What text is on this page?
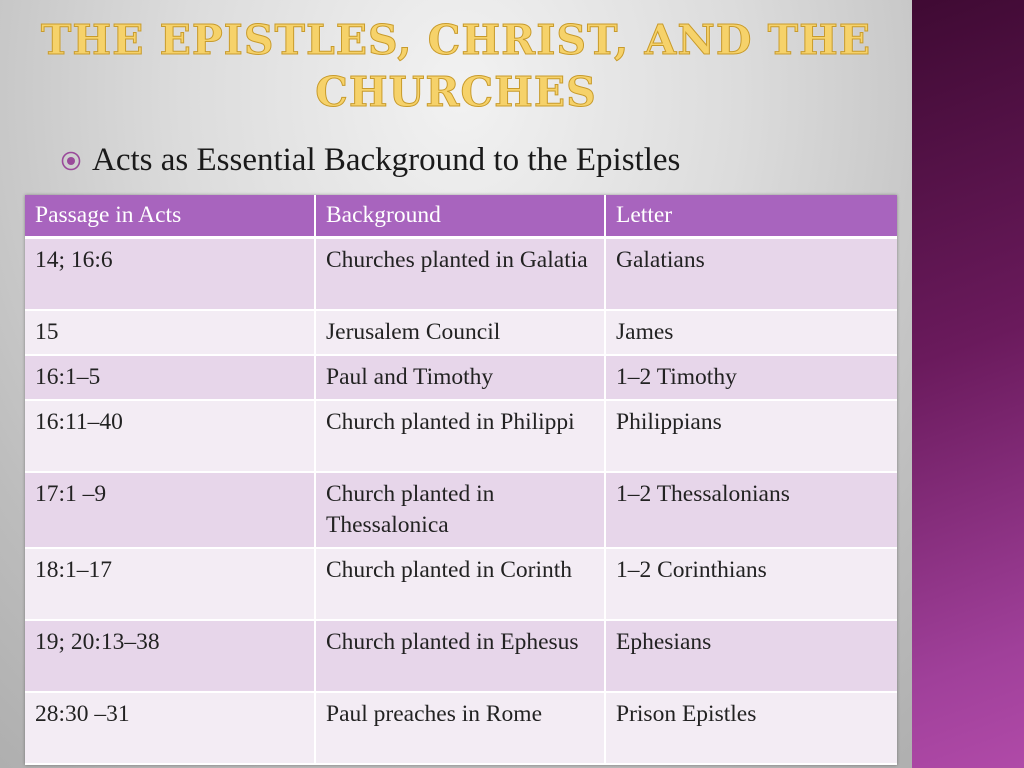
THE EPISTLES, CHRIST, AND THE CHURCHES
Acts as Essential Background to the Epistles
Passage in Acts	Background	Letter
14; 16:6	Churches planted in Galatia	Galatians
15	Jerusalem Council	James
16:1–5	Paul and Timothy	1–2 Timothy
16:11–40	Church planted in Philippi	Philippians
17:1 –9	Church planted in Thessalonica	1–2 Thessalonians
18:1–17	Church planted in Corinth	1–2 Corinthians
19; 20:13–38	Church planted in Ephesus	Ephesians
28:30 –31	Paul preaches in Rome	Prison Epistles
